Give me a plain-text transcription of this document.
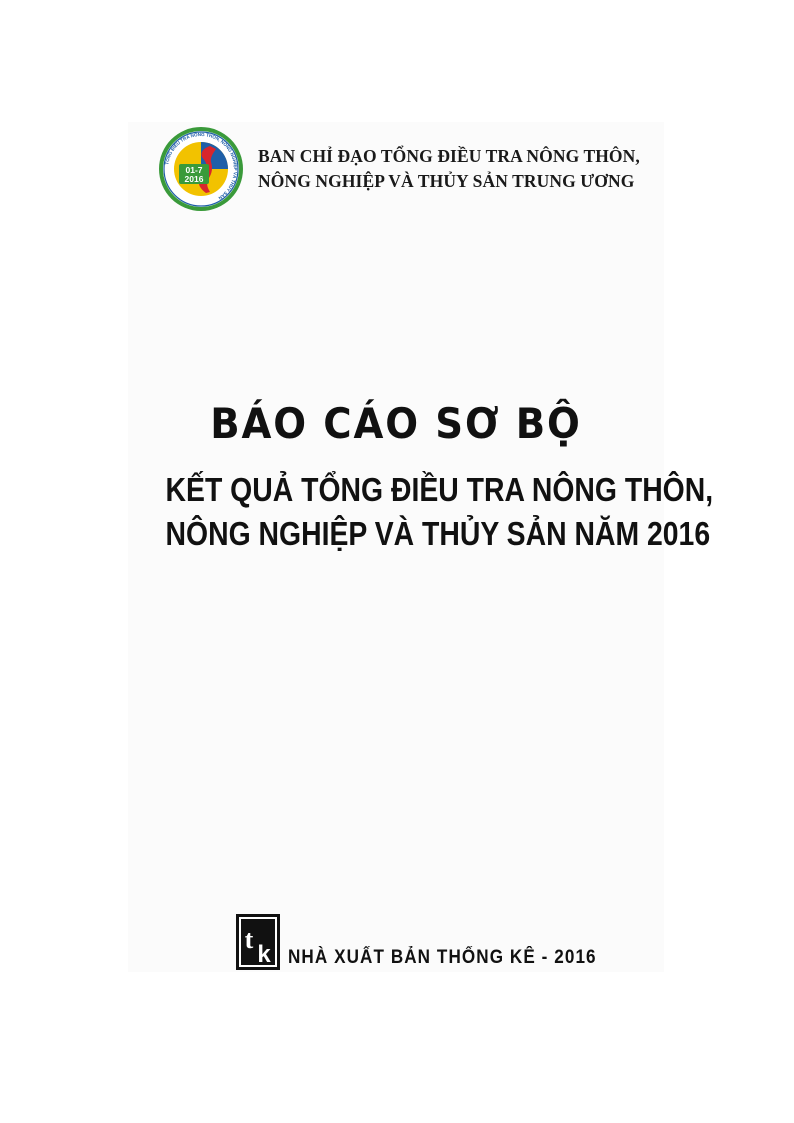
01-7
2016
TỔNG ĐIỀU TRA NÔNG THÔN, NÔNG NGHIỆP VÀ THỦY SẢN
BAN CHỈ ĐẠO TỔNG ĐIỀU TRA NÔNG THÔN,
NÔNG NGHIỆP VÀ THỦY SẢN TRUNG ƯƠNG
BÁO CÁO SƠ BỘ
KẾT QUẢ TỔNG ĐIỀU TRA NÔNG THÔN,
NÔNG NGHIỆP VÀ THỦY SẢN NĂM 2016
t
k NHÀ XUẤT BẢN THỐNG KÊ - 2016
